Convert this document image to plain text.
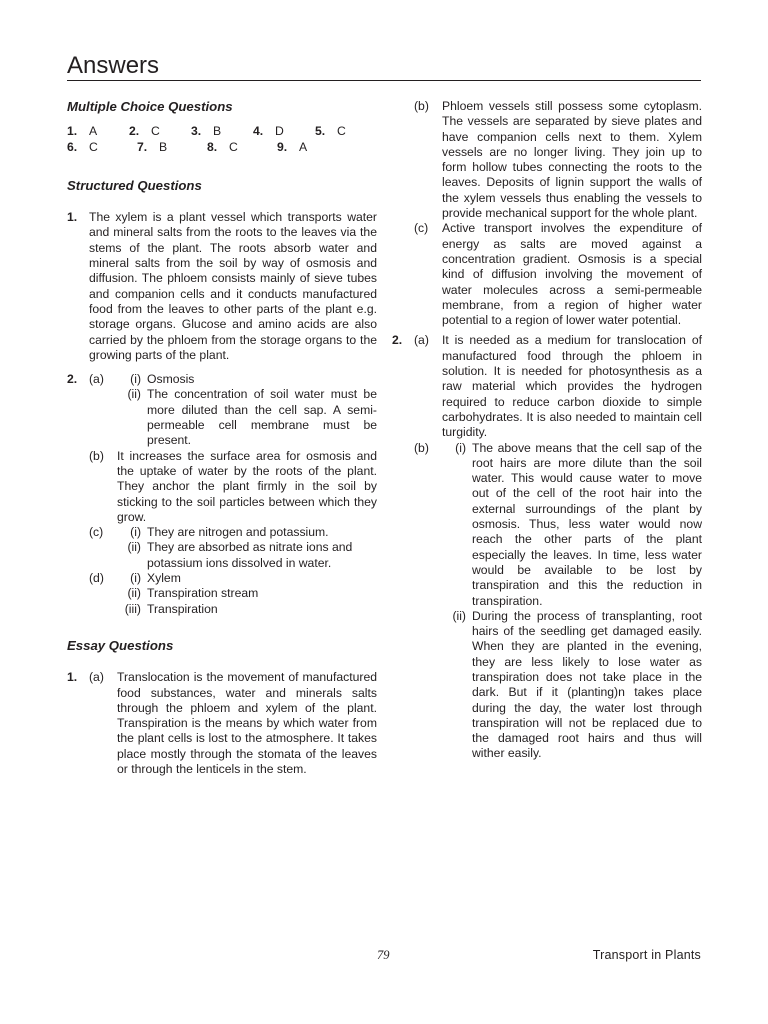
Answers

Multiple Choice Questions

1. A	2. C	3. B	4. D	5. C
6. C	7. B	8. C	9. A

Structured Questions

1. The xylem is a plant vessel which transports water and mineral salts from the roots to the leaves via the stems of the plant. The roots absorb water and mineral salts from the soil by way of osmosis and diffusion. The phloem consists mainly of sieve tubes and companion cells and it conducts manufactured food from the leaves to other parts of the plant e.g. storage organs. Glucose and amino acids are also carried by the phloem from the storage organs to the growing parts of the plant.
2. (a)	(i) Osmosis
(ii) The concentration of soil water must be more diluted than the cell sap. A semi-permeable cell membrane must be present.
(b)	It increases the surface area for osmosis and the uptake of water by the roots of the plant. They anchor the plant firmly in the soil by sticking to the soil particles between which they grow.
(c)	(i) They are nitrogen and potassium.
(ii) They are absorbed as nitrate ions and potassium ions dissolved in water.
(d)	(i) Xylem
(ii) Transpiration stream
(iii) Transpiration

Essay Questions

1. (a)	Translocation is the movement of manufactured food substances, water and minerals salts through the phloem and xylem of the plant. Transpiration is the means by which water from the plant cells is lost to the atmosphere. It takes place mostly through the stomata of the leaves or through the lenticels in the stem.
(b)	Phloem vessels still possess some cytoplasm. The vessels are separated by sieve plates and have companion cells next to them. Xylem vessels are no longer living. They join up to form hollow tubes connecting the roots to the leaves. Deposits of lignin support the walls of the xylem vessels thus enabling the vessels to provide mechanical support for the whole plant.
(c)	Active transport involves the expenditure of energy as salts are moved against a concentration gradient. Osmosis is a special kind of diffusion involving the movement of water molecules across a semi-permeable membrane, from a region of higher water potential to a region of lower water potential.
2. (a)	It is needed as a medium for translocation of manufactured food through the phloem in solution. It is needed for photosynthesis as a raw material which provides the hydrogen required to reduce carbon dioxide to simple carbohydrates. It is also needed to maintain cell turgidity.
(b)	(i) The above means that the cell sap of the root hairs are more dilute than the soil water. This would cause water to move out of the cell of the root hair into the external surroundings of the plant by osmosis. Thus, less water would now reach the other parts of the plant especially the leaves. In time, less water would be available to be lost by transpiration and this the reduction in transpiration.
(ii) During the process of transplanting, root hairs of the seedling get damaged easily. When they are planted in the evening, they are less likely to lose water as transpiration does not take place in the dark. But if it (planting)n takes place during the day, the water lost through transpiration will not be replaced due to the damaged root hairs and thus will wither easily.
79	Transport in Plants
